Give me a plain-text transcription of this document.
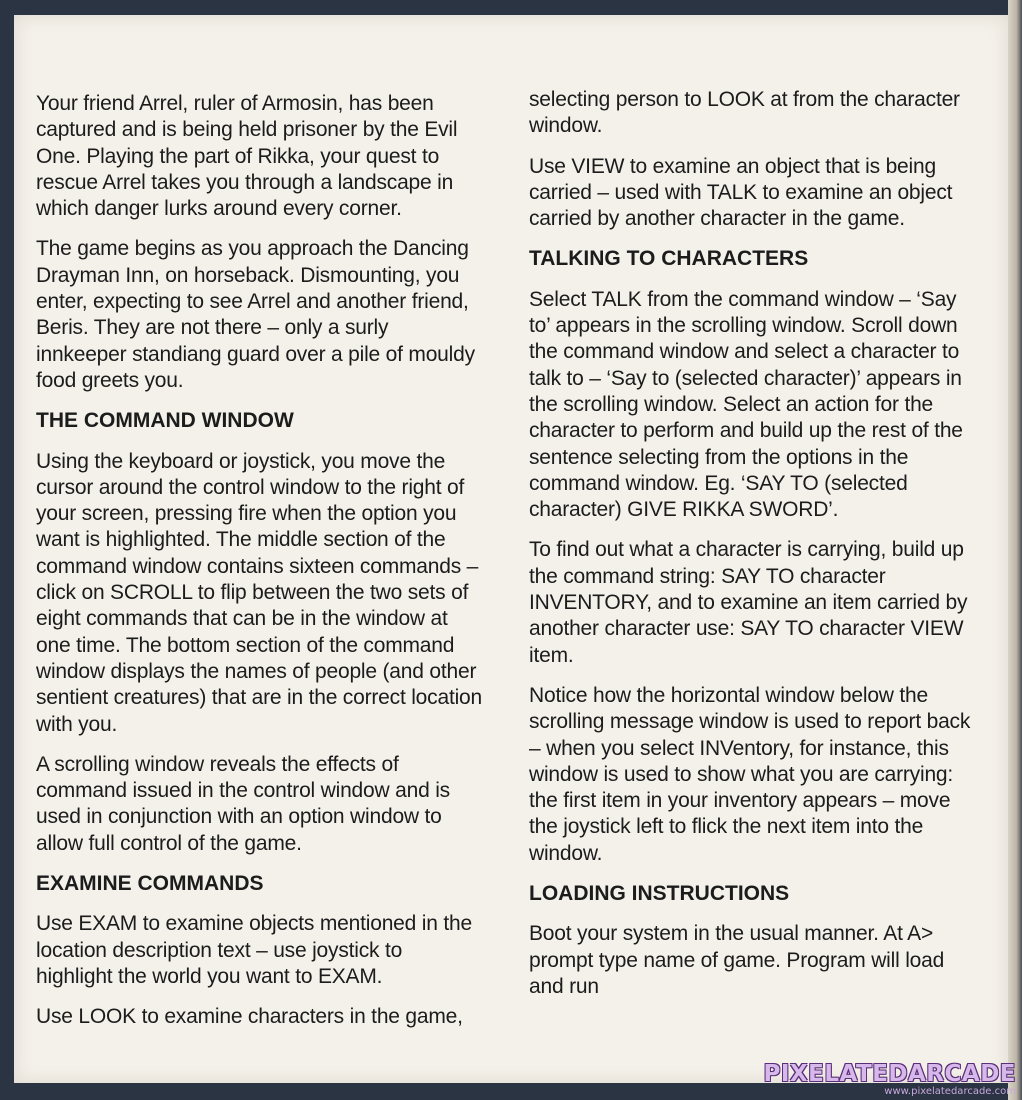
Your friend Arrel, ruler of Armosin, has been captured and is being held prisoner by the Evil One. Playing the part of Rikka, your quest to rescue Arrel takes you through a landscape in which danger lurks around every corner.

The game begins as you approach the Dancing Drayman Inn, on horseback. Dismounting, you enter, expecting to see Arrel and another friend, Beris. They are not there – only a surly innkeeper standiang guard over a pile of mouldy food greets you.

THE COMMAND WINDOW

Using the keyboard or joystick, you move the cursor around the control window to the right of your screen, pressing fire when the option you want is highlighted. The middle section of the command window contains sixteen commands – click on SCROLL to flip between the two sets of eight commands that can be in the window at one time. The bottom section of the command window displays the names of people (and other sentient creatures) that are in the correct location with you.

A scrolling window reveals the effects of command issued in the control window and is used in conjunction with an option window to allow full control of the game.

EXAMINE COMMANDS

Use EXAM to examine objects mentioned in the location description text – use joystick to highlight the world you want to EXAM.

Use LOOK to examine characters in the game,

selecting person to LOOK at from the character window.

Use VIEW to examine an object that is being carried – used with TALK to examine an object carried by another character in the game.

TALKING TO CHARACTERS

Select TALK from the command window – ‘Say to’ appears in the scrolling window. Scroll down the command window and select a character to talk to – ‘Say to (selected character)’ appears in the scrolling window. Select an action for the character to perform and build up the rest of the sentence selecting from the options in the command window. Eg. ‘SAY TO (selected character) GIVE RIKKA SWORD’.

To find out what a character is carrying, build up the command string: SAY TO character INVENTORY, and to examine an item carried by another character use: SAY TO character VIEW item.

Notice how the horizontal window below the scrolling message window is used to report back – when you select INVentory, for instance, this window is used to show what you are carrying: the first item in your inventory appears – move the joystick left to flick the next item into the window.

LOADING INSTRUCTIONS

Boot your system in the usual manner. At A> prompt type name of game. Program will load and run

PIXELATEDARCADE
www.pixelatedarcade.com
